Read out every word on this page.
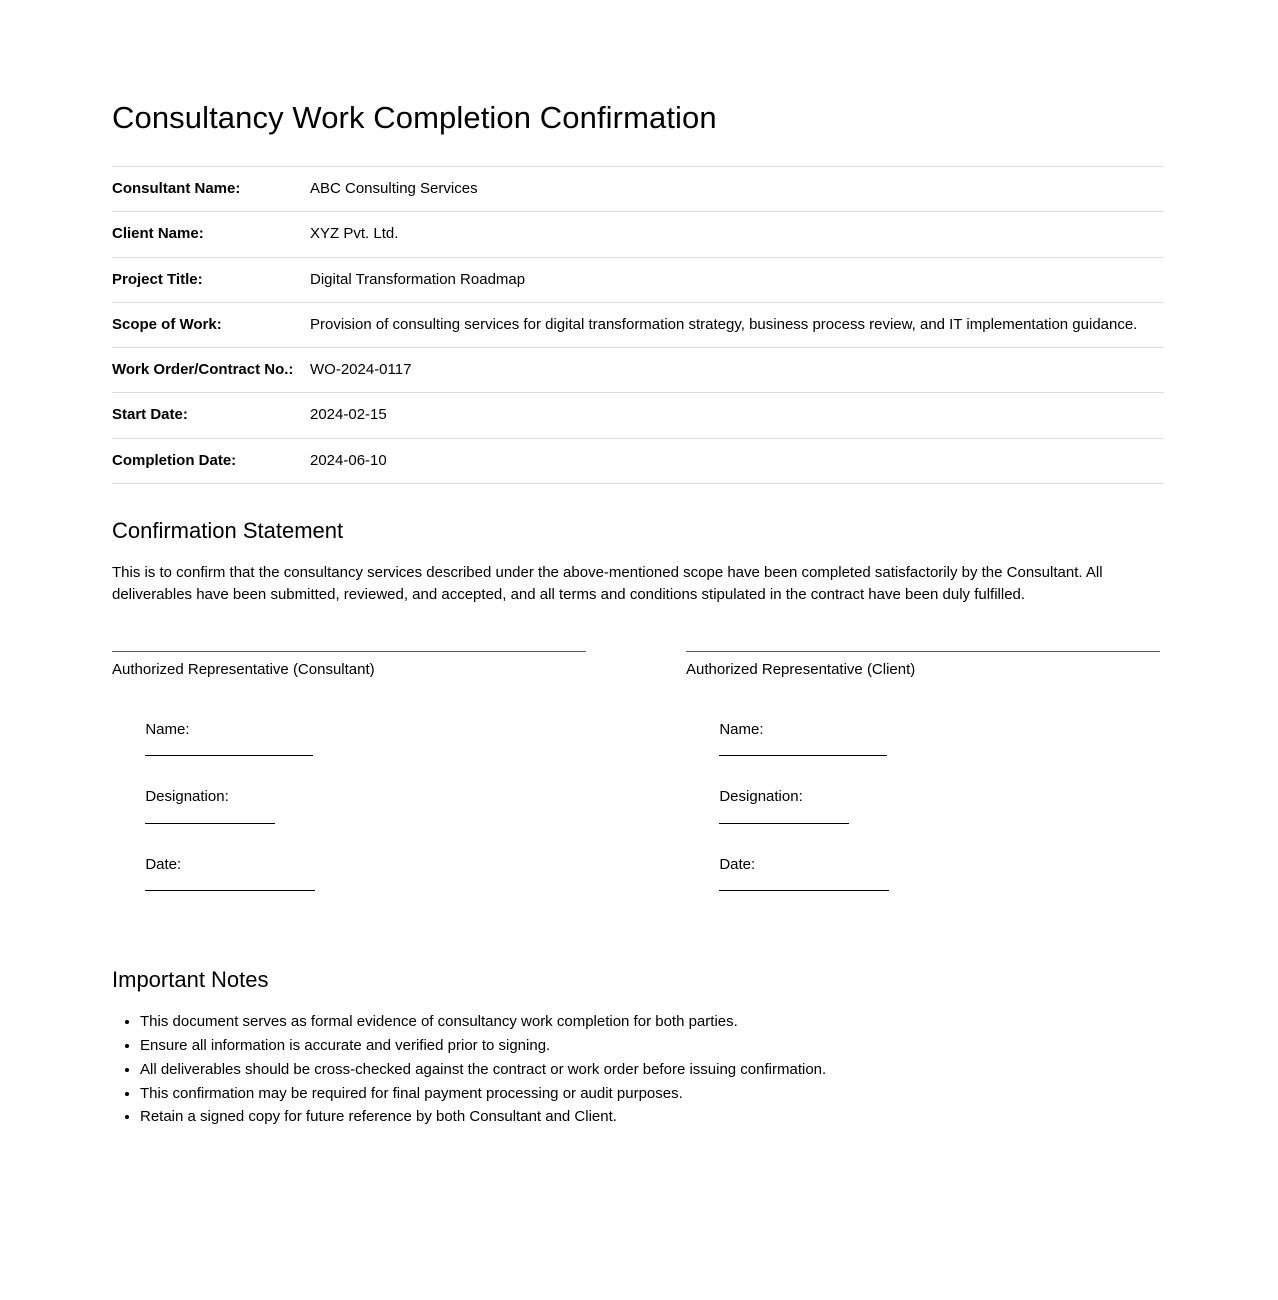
Consultancy Work Completion Confirmation
Consultant Name:	ABC Consulting Services
Client Name:	XYZ Pvt. Ltd.
Project Title:	Digital Transformation Roadmap
Scope of Work:	Provision of consulting services for digital transformation strategy, business process review, and IT implementation guidance.
Work Order/Contract No.:	WO-2024-0117
Start Date:	2024-02-15
Completion Date:	2024-06-10
Confirmation Statement

This is to confirm that the consultancy services described under the above-mentioned scope have been completed satisfactorily by the Consultant. All deliverables have been submitted, reviewed, and accepted, and all terms and conditions stipulated in the contract have been duly fulfilled.

Authorized Representative (Consultant)

Name:

Designation:

Date:

Authorized Representative (Client)

Name:

Designation:

Date:

Important Notes
• This document serves as formal evidence of consultancy work completion for both parties.
• Ensure all information is accurate and verified prior to signing.
• All deliverables should be cross-checked against the contract or work order before issuing confirmation.
• This confirmation may be required for final payment processing or audit purposes.
• Retain a signed copy for future reference by both Consultant and Client.
